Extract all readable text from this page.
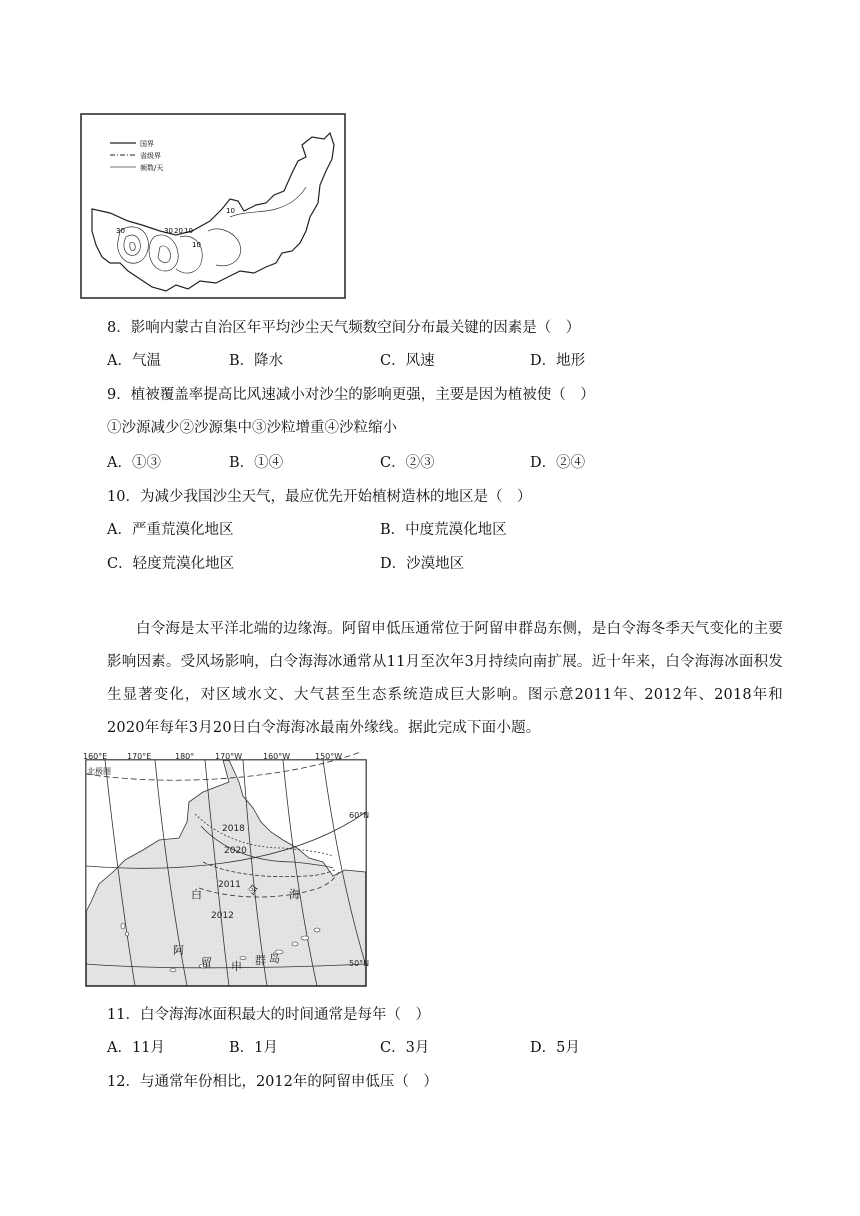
国界
省级界
频数/天
30	30 20 10
10
10
8．影响内蒙古自治区年平均沙尘天气频数空间分布最关键的因素是（　）
A．气温	B．降水	C．风速	D．地形
9．植被覆盖率提高比风速减小对沙尘的影响更强，主要是因为植被使（　）
①沙源减少②沙源集中③沙粒增重④沙粒缩小
A．①③	B．①④	C．②③	D．②④
10．为减少我国沙尘天气，最应优先开始植树造林的地区是（　）
A．严重荒漠化地区	B．中度荒漠化地区
C．轻度荒漠化地区	D．沙漠地区
白令海是太平洋北端的边缘海。阿留申低压通常位于阿留申群岛东侧，是白令海冬季天气变化的主要影响因素。受风场影响，白令海海冰通常从11月至次年3月持续向南扩展。近十年来，白令海海冰面积发生显著变化，对区域水文、大气甚至生态系统造成巨大影响。图示意2011年、2012年、2018年和2020年每年3月20日白令海海冰最南外缘线。据此完成下面小题。
160°E 170°E	180°	170°W	160°W	150°W
60°N
50°N
北极圈
2018
2020
2011
2012
白	令	海
阿
留 申 群 岛
11．白令海海冰面积最大的时间通常是每年（　）
A．11月	B．1月	C．3月	D．5月
12．与通常年份相比，2012年的阿留申低压（　）
